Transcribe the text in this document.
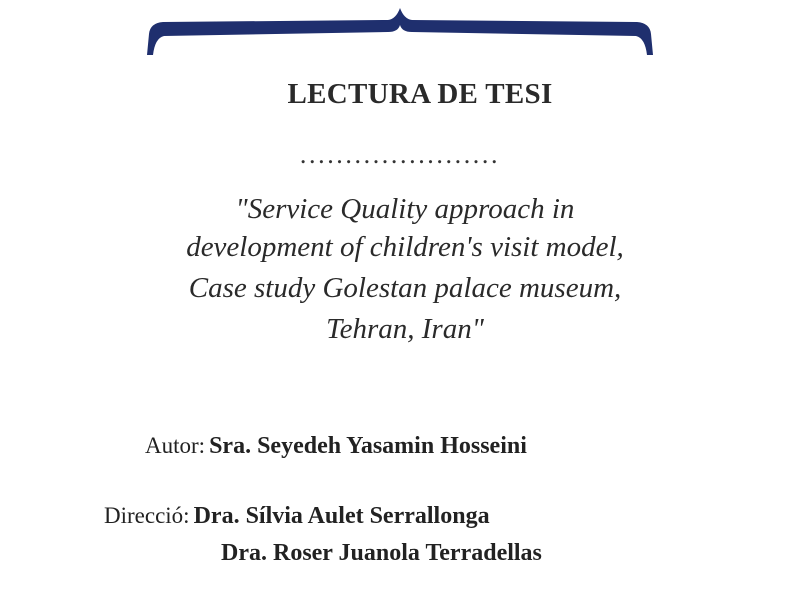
LECTURA DE TESI
......................
"Service Quality approach in
development of children's visit model,
Case study Golestan palace museum,
Tehran, Iran"
Autor: Sra. Seyedeh Yasamin Hosseini
Direcció: Dra. Sílvia Aulet Serrallonga
Dra. Roser Juanola Terradellas
